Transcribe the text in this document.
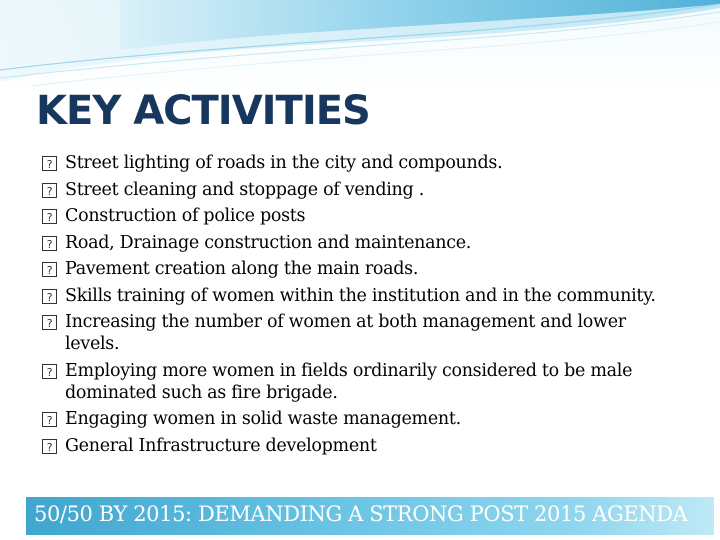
KEY ACTIVITIES
?
Street lighting of roads in the city and compounds.
?
Street cleaning and stoppage of vending .
?
Construction of police posts
?
Road, Drainage construction and maintenance.
?
Pavement creation along the main roads.
?
Skills training of women within the institution and in the community.
?
Increasing the number of women at both management and lower levels.
?
Employing more women in fields ordinarily considered to be male dominated such as fire brigade.
?
Engaging women in solid waste management.
?
General Infrastructure development
50/50 BY 2015: DEMANDING A STRONG POST 2015 AGENDA
